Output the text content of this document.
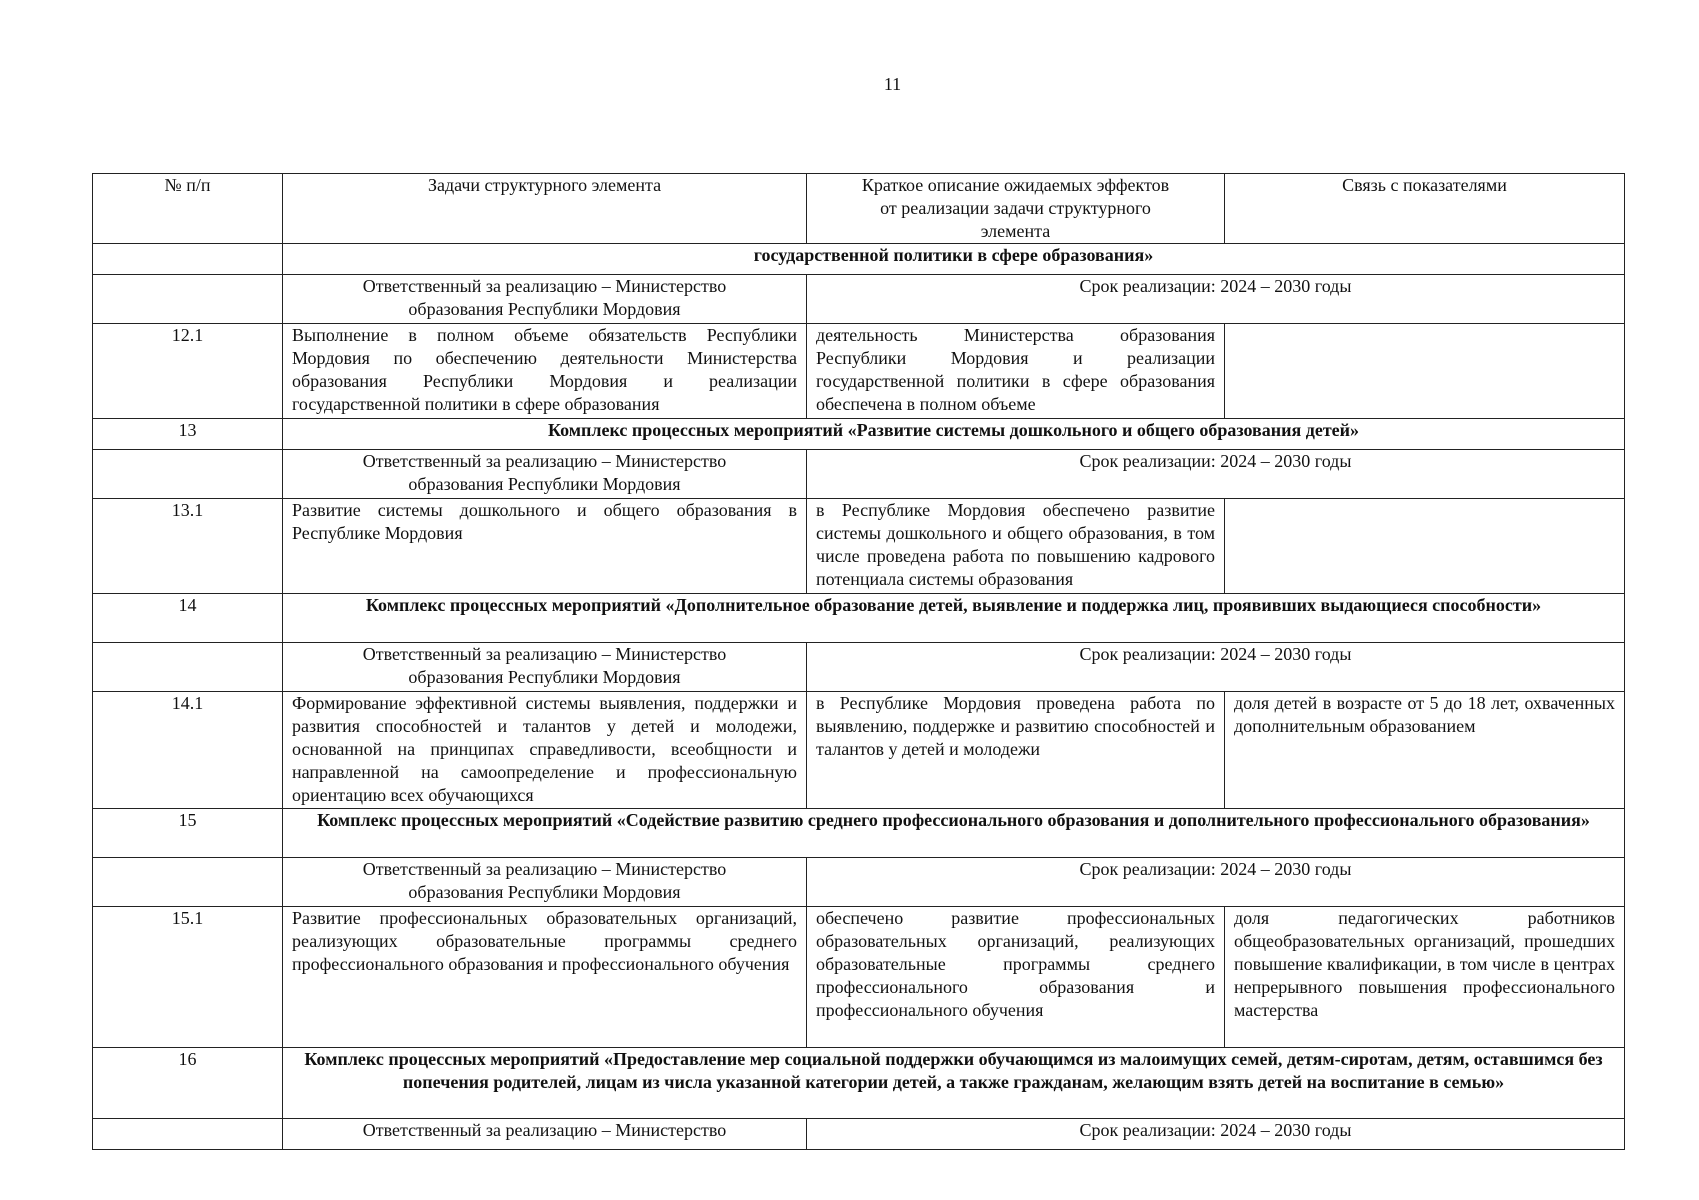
11
№ п/п	Задачи структурного элемента	Краткое описание ожидаемых эффектов от реализации задачи структурного элемента	Связь с показателями
	государственной политики в сфере образования»		
	Ответственный за реализацию – Министерство образования Республики Мордовия	Срок реализации: 2024 – 2030 годы	
12.1	Выполнение в полном объеме обязательств Республики Мордовия по обеспечению деятельности Министерства образования Республики Мордовия и реализации государственной политики в сфере образования	деятельность Министерства образования Республики Мордовия и реализации государственной политики в сфере образования обеспечена в полном объеме	
13	Комплекс процессных мероприятий «Развитие системы дошкольного и общего образования детей»		
	Ответственный за реализацию – Министерство образования Республики Мордовия	Срок реализации: 2024 – 2030 годы	
13.1	Развитие системы дошкольного и общего образования в Республике Мордовия	в Республике Мордовия обеспечено развитие системы дошкольного и общего образования, в том числе проведена работа по повышению кадрового потенциала системы образования	
14	Комплекс процессных мероприятий «Дополнительное образование детей, выявление и поддержка лиц, проявивших выдающиеся способности»		
	Ответственный за реализацию – Министерство образования Республики Мордовия	Срок реализации: 2024 – 2030 годы	
14.1	Формирование эффективной системы выявления, поддержки и развития способностей и талантов у детей и молодежи, основанной на принципах справедливости, всеобщности и направленной на самоопределение и профессиональную ориентацию всех обучающихся	в Республике Мордовия проведена работа по выявлению, поддержке и развитию способностей и талантов у детей и молодежи	доля детей в возрасте от 5 до 18 лет, охваченных дополнительным образованием
15	Комплекс процессных мероприятий «Содействие развитию среднего профессионального образования и дополнительного профессионального образования»		
	Ответственный за реализацию – Министерство образования Республики Мордовия	Срок реализации: 2024 – 2030 годы	
15.1	Развитие профессиональных образовательных организаций, реализующих образовательные программы среднего профессионального образования и профессионального обучения	обеспечено развитие профессиональных образовательных организаций, реализующих образовательные программы среднего профессионального образования и профессионального обучения	доля педагогических работников общеобразовательных организаций, прошедших повышение квалификации, в том числе в центрах непрерывного повышения профессионального мастерства
16	Комплекс процессных мероприятий «Предоставление мер социальной поддержки обучающимся из малоимущих семей, детям-сиротам, детям, оставшимся без попечения родителей, лицам из числа указанной категории детей, а также гражданам, желающим взять детей на воспитание в семью»		
	Ответственный за реализацию – Министерство	Срок реализации: 2024 – 2030 годы	
